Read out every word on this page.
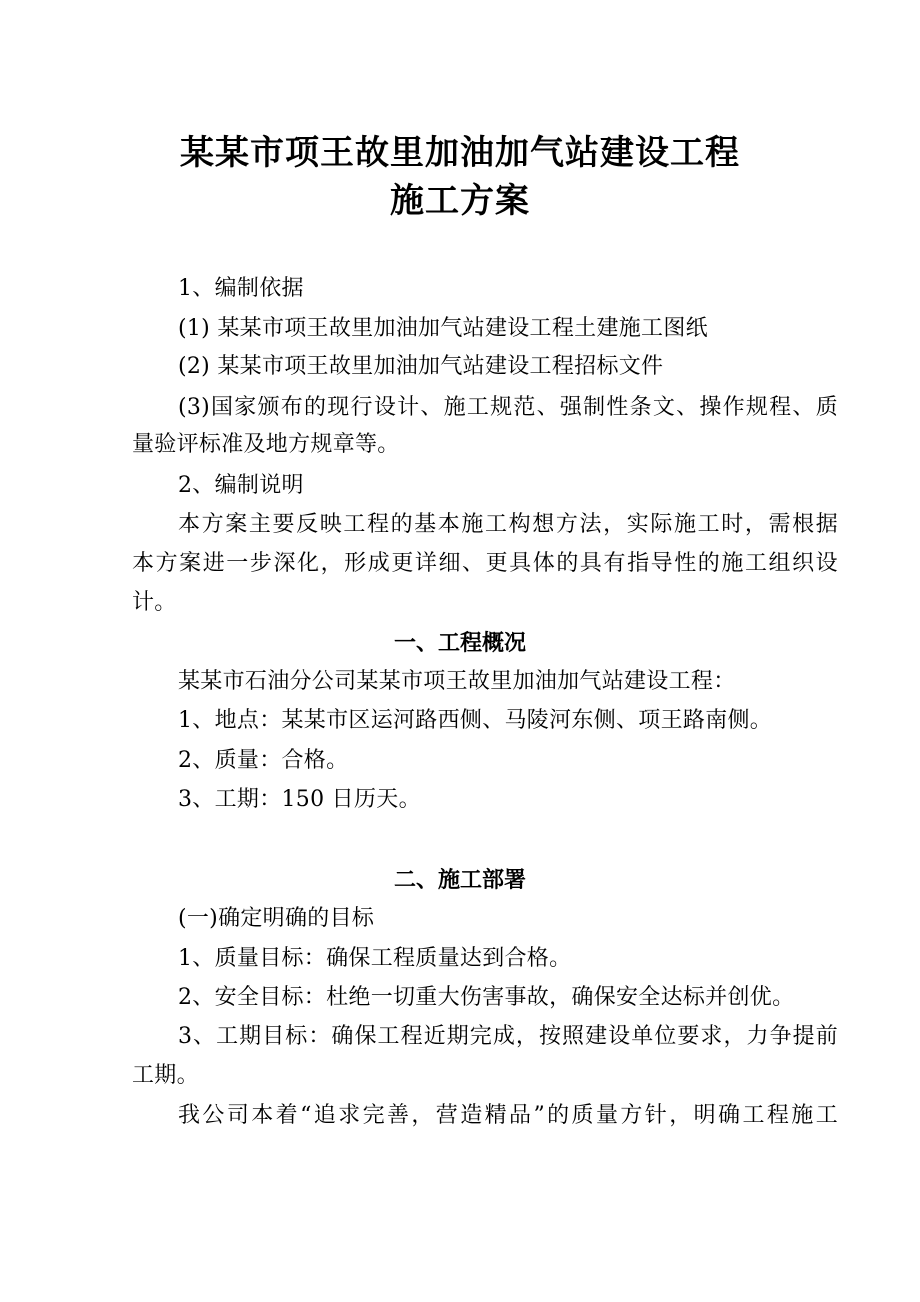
某某市项王故里加油加气站建设工程
施工方案
1、编制依据
(1) 某某市项王故里加油加气站建设工程土建施工图纸
(2) 某某市项王故里加油加气站建设工程招标文件
(3)国家颁布的现行设计、施工规范、强制性条文、操作规程、质
量验评标准及地方规章等。
2、编制说明
本方案主要反映工程的基本施工构想方法，实际施工时，需根据
本方案进一步深化，形成更详细、更具体的具有指导性的施工组织设
计。
一、工程概况
某某市石油分公司某某市项王故里加油加气站建设工程：
1、地点：某某市区运河路西侧、马陵河东侧、项王路南侧。
2、质量：合格。
3、工期：150 日历天。
二、施工部署
(一)确定明确的目标
1、质量目标：确保工程质量达到合格。
2、安全目标：杜绝一切重大伤害事故，确保安全达标并创优。
3、工期目标：确保工程近期完成，按照建设单位要求，力争提前
工期。
我公司本着“追求完善，营造精品”的质量方针，明确工程施工
